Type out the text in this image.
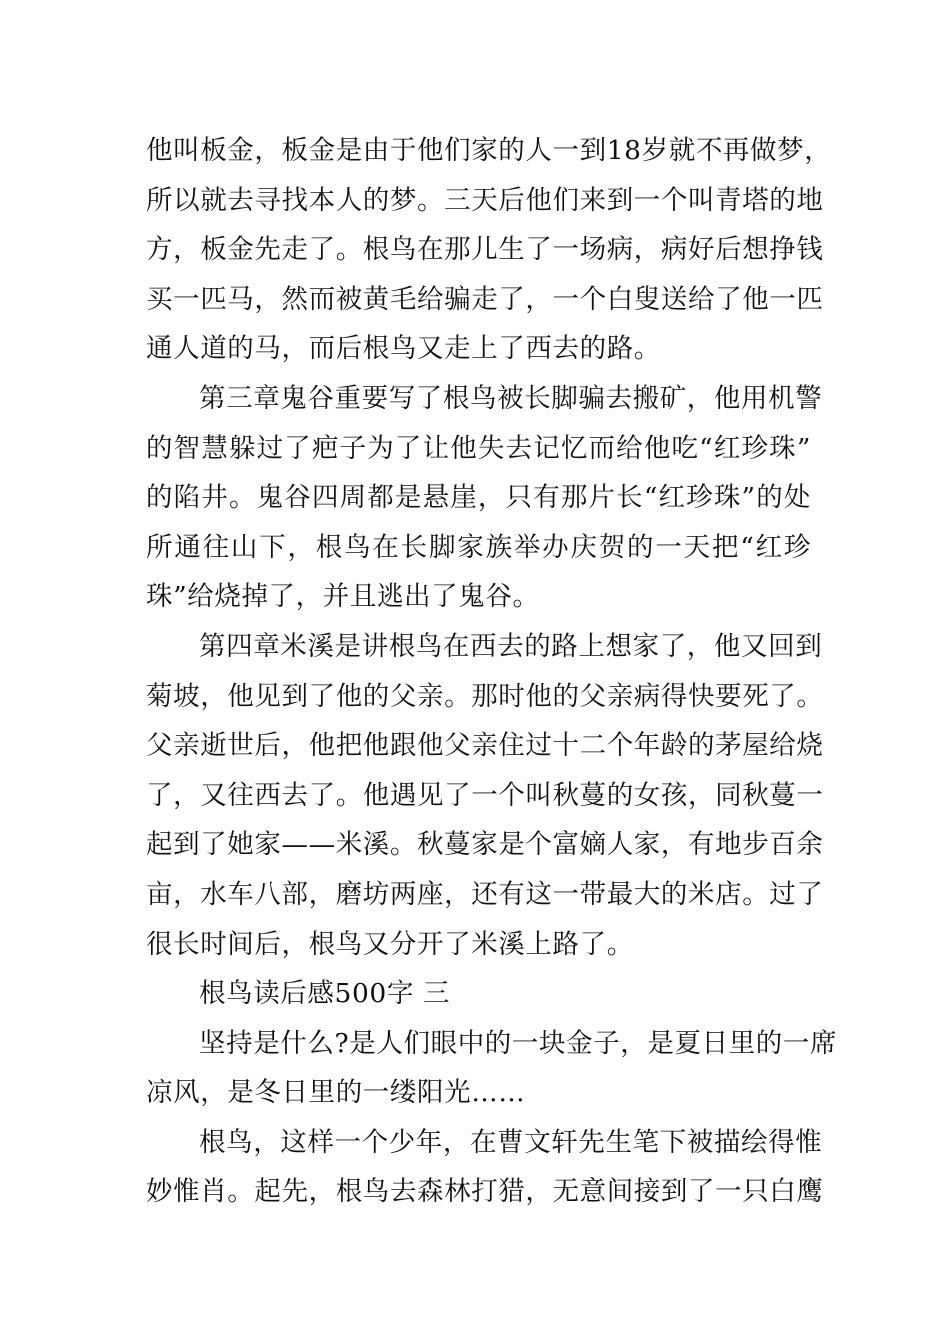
他叫板金，板金是由于他们家的人一到18岁就不再做梦，
所以就去寻找本人的梦。三天后他们来到一个叫青塔的地
方，板金先走了。根鸟在那儿生了一场病，病好后想挣钱
买一匹马，然而被黄毛给骗走了，一个白叟送给了他一匹
通人道的马，而后根鸟又走上了西去的路。
第三章鬼谷重要写了根鸟被长脚骗去搬矿，他用机警
的智慧躲过了疤子为了让他失去记忆而给他吃“红珍珠”
的陷井。鬼谷四周都是悬崖，只有那片长“红珍珠”的处
所通往山下，根鸟在长脚家族举办庆贺的一天把“红珍
珠”给烧掉了，并且逃出了鬼谷。
第四章米溪是讲根鸟在西去的路上想家了，他又回到
菊坡，他见到了他的父亲。那时他的父亲病得快要死了。
父亲逝世后，他把他跟他父亲住过十二个年龄的茅屋给烧
了，又往西去了。他遇见了一个叫秋蔓的女孩，同秋蔓一
起到了她家——米溪。秋蔓家是个富嫡人家，有地步百余
亩，水车八部，磨坊两座，还有这一带最大的米店。过了
很长时间后，根鸟又分开了米溪上路了。
根鸟读后感500字 三
坚持是什么?是人们眼中的一块金子，是夏日里的一席
凉风，是冬日里的一缕阳光……
根鸟，这样一个少年，在曹文轩先生笔下被描绘得惟
妙惟肖。起先，根鸟去森林打猎，无意间接到了一只白鹰
